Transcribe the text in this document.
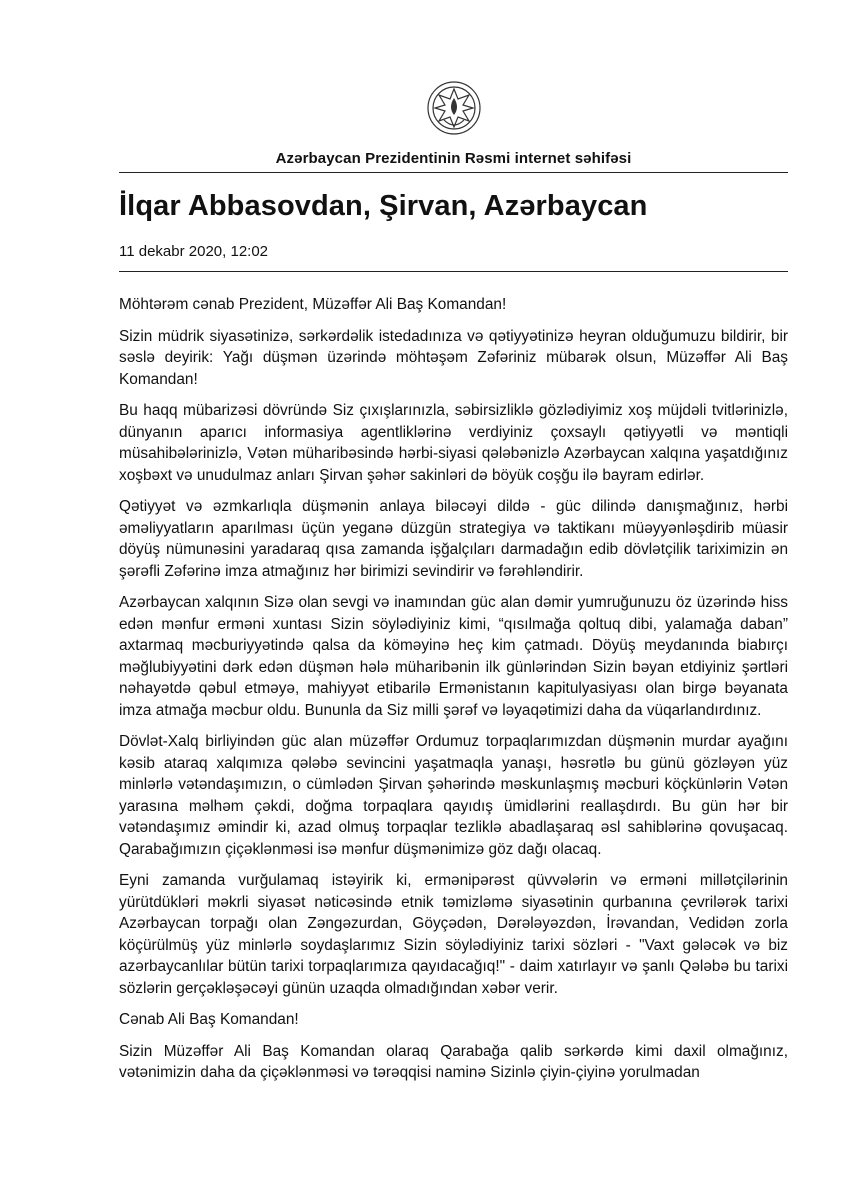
Azərbaycan Prezidentinin Rəsmi internet səhifəsi
İlqar Abbasovdan, Şirvan, Azərbaycan
11 dekabr 2020, 12:02

Möhtərəm cənab Prezident, Müzəffər Ali Baş Komandan!

Sizin müdrik siyasətinizə, sərkərdəlik istedadınıza və qətiyyətinizə heyran olduğumuzu bildirir, bir səslə deyirik: Yağı düşmən üzərində möhtəşəm Zəfəriniz mübarək olsun, Müzəffər Ali Baş Komandan!

Bu haqq mübarizəsi dövründə Siz çıxışlarınızla, səbirsizliklə gözlədiyimiz xoş müjdəli tvitlərinizlə, dünyanın aparıcı informasiya agentliklərinə verdiyiniz çoxsaylı qətiyyətli və məntiqli müsahibələrinizlə, Vətən müharibəsində hərbi-siyasi qələbənizlə Azərbaycan xalqına yaşatdığınız xoşbəxt və unudulmaz anları Şirvan şəhər sakinləri də böyük coşğu ilə bayram edirlər.

Qətiyyət və əzmkarlıqla düşmənin anlaya biləcəyi dildə - güc dilində danışmağınız, hərbi əməliyyatların aparılması üçün yeganə düzgün strategiya və taktikanı müəyyənləşdirib müasir döyüş nümunəsini yaradaraq qısa zamanda işğalçıları darmadağın edib dövlətçilik tariximizin ən şərəfli Zəfərinə imza atmağınız hər birimizi sevindirir və fərəhləndirir.

Azərbaycan xalqının Sizə olan sevgi və inamından güc alan dəmir yumruğunuzu öz üzərində hiss edən mənfur erməni xuntası Sizin söylədiyiniz kimi, “qısılmağa qoltuq dibi, yalamağa daban” axtarmaq məcburiyyətində qalsa da köməyinə heç kim çatmadı. Döyüş meydanında biabırçı məğlubiyyətini dərk edən düşmən hələ müharibənin ilk günlərindən Sizin bəyan etdiyiniz şərtləri nəhayətdə qəbul etməyə, mahiyyət etibarilə Ermənistanın kapitulyasiyası olan birgə bəyanata imza atmağa məcbur oldu. Bununla da Siz milli şərəf və ləyaqətimizi daha da vüqarlandırdınız.

Dövlət-Xalq birliyindən güc alan müzəffər Ordumuz torpaqlarımızdan düşmənin murdar ayağını kəsib ataraq xalqımıza qələbə sevincini yaşatmaqla yanaşı, həsrətlə bu günü gözləyən yüz minlərlə vətəndaşımızın, o cümlədən Şirvan şəhərində məskunlaşmış məcburi köçkünlərin Vətən yarasına məlhəm çəkdi, doğma torpaqlara qayıdış ümidlərini reallaşdırdı. Bu gün hər bir vətəndaşımız əmindir ki, azad olmuş torpaqlar tezliklə abadlaşaraq əsl sahiblərinə qovuşacaq. Qarabağımızın çiçəklənməsi isə mənfur düşmənimizə göz dağı olacaq.

Eyni zamanda vurğulamaq istəyirik ki, ermənipərəst qüvvələrin və erməni millətçilərinin yürütdükləri məkrli siyasət nəticəsində etnik təmizləmə siyasətinin qurbanına çevrilərək tarixi Azərbaycan torpağı olan Zəngəzurdan, Göyçədən, Dərələyəzdən, İrəvandan, Vedidən zorla köçürülmüş yüz minlərlə soydaşlarımız Sizin söylədiyiniz tarixi sözləri - "Vaxt gələcək və biz azərbaycanlılar bütün tarixi torpaqlarımıza qayıdacağıq!" - daim xatırlayır və şanlı Qələbə bu tarixi sözlərin gerçəkləşəcəyi günün uzaqda olmadığından xəbər verir.

Cənab Ali Baş Komandan!

Sizin Müzəffər Ali Baş Komandan olaraq Qarabağa qalib sərkərdə kimi daxil olmağınız, vətənimizin daha da çiçəklənməsi və tərəqqisi naminə Sizinlə çiyin-çiyinə yorulmadan
